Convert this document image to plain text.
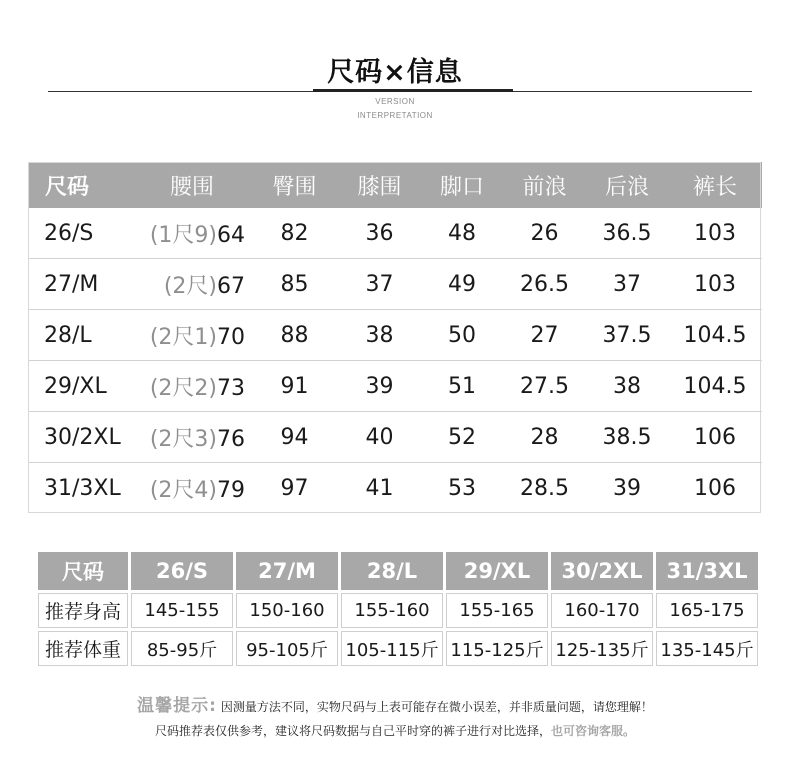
尺码×信息
VERSION
INTERPRETATION
尺码	腰围	臀围	膝围	脚口	前浪	后浪	裤长
26/S	(1尺9)64	82	36	48	26	36.5	103
27/M	(2尺)67	85	37	49	26.5	37	103
28/L	(2尺1)70	88	38	50	27	37.5	104.5
29/XL	(2尺2)73	91	39	51	27.5	38	104.5
30/2XL	(2尺3)76	94	40	52	28	38.5	106
31/3XL	(2尺4)79	97	41	53	28.5	39	106
尺码	26/S	27/M	28/L	29/XL	30/2XL	31/3XL
推荐身高	145-155	150-160	155-160	155-165	160-170	165-175
推荐体重	85-95斤	95-105斤	105-115斤	115-125斤	125-135斤	135-145斤
温馨提示: 因测量方法不同，实物尺码与上表可能存在微小误差，并非质量问题，请您理解！
尺码推荐表仅供参考，建议将尺码数据与自己平时穿的裤子进行对比选择，也可咨询客服。
